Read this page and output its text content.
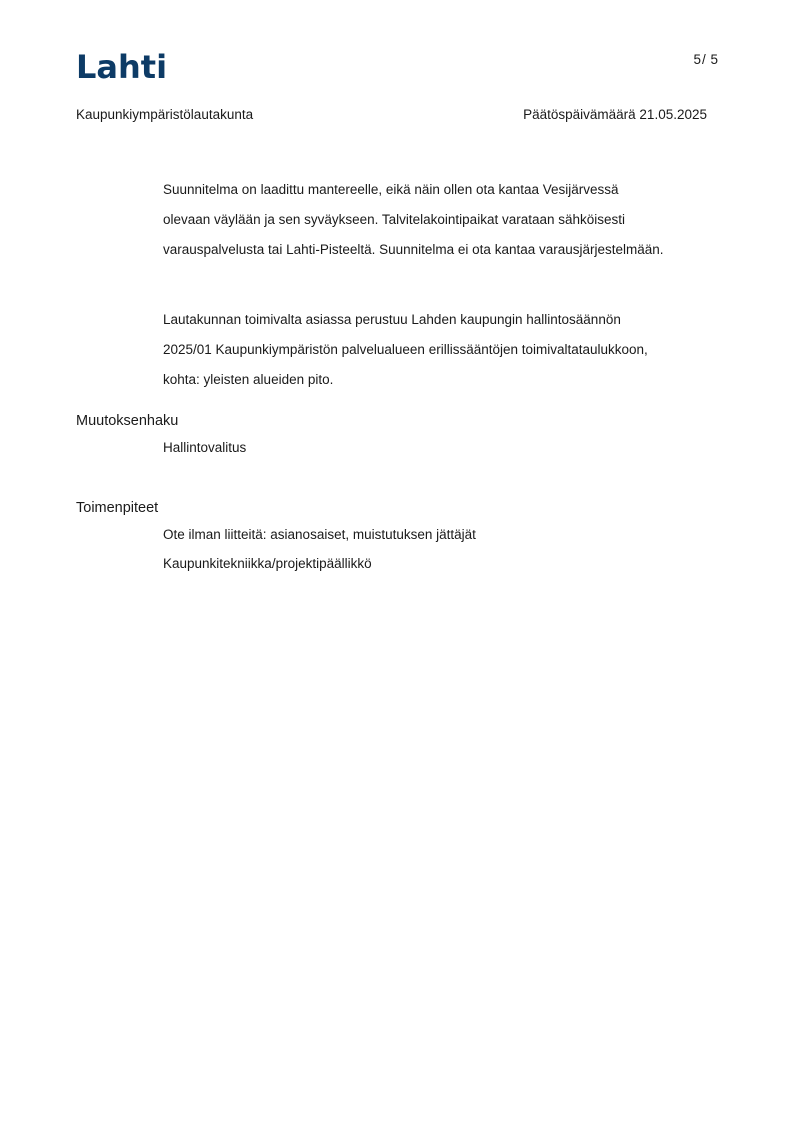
Lahti	5/ 5
Kaupunkiympäristölautakunta	Päätöspäivämäärä 21.05.2025

Suunnitelma on laadittu mantereelle, eikä näin ollen ota kantaa Vesijärvessä

olevaan väylään ja sen syväykseen. Talvitelakointipaikat varataan sähköisesti

varauspalvelusta tai Lahti-Pisteeltä. Suunnitelma ei ota kantaa varausjärjestelmään.

Lautakunnan toimivalta asiassa perustuu Lahden kaupungin hallintosäännön

2025/01 Kaupunkiympäristön palvelualueen erillissääntöjen toimivaltataulukkoon,

kohta: yleisten alueiden pito.

Muutoksenhaku
Hallintovalitus
Toimenpiteet
Ote ilman liitteitä: asianosaiset, muistutuksen jättäjät
Kaupunkitekniikka/projektipäällikkö
